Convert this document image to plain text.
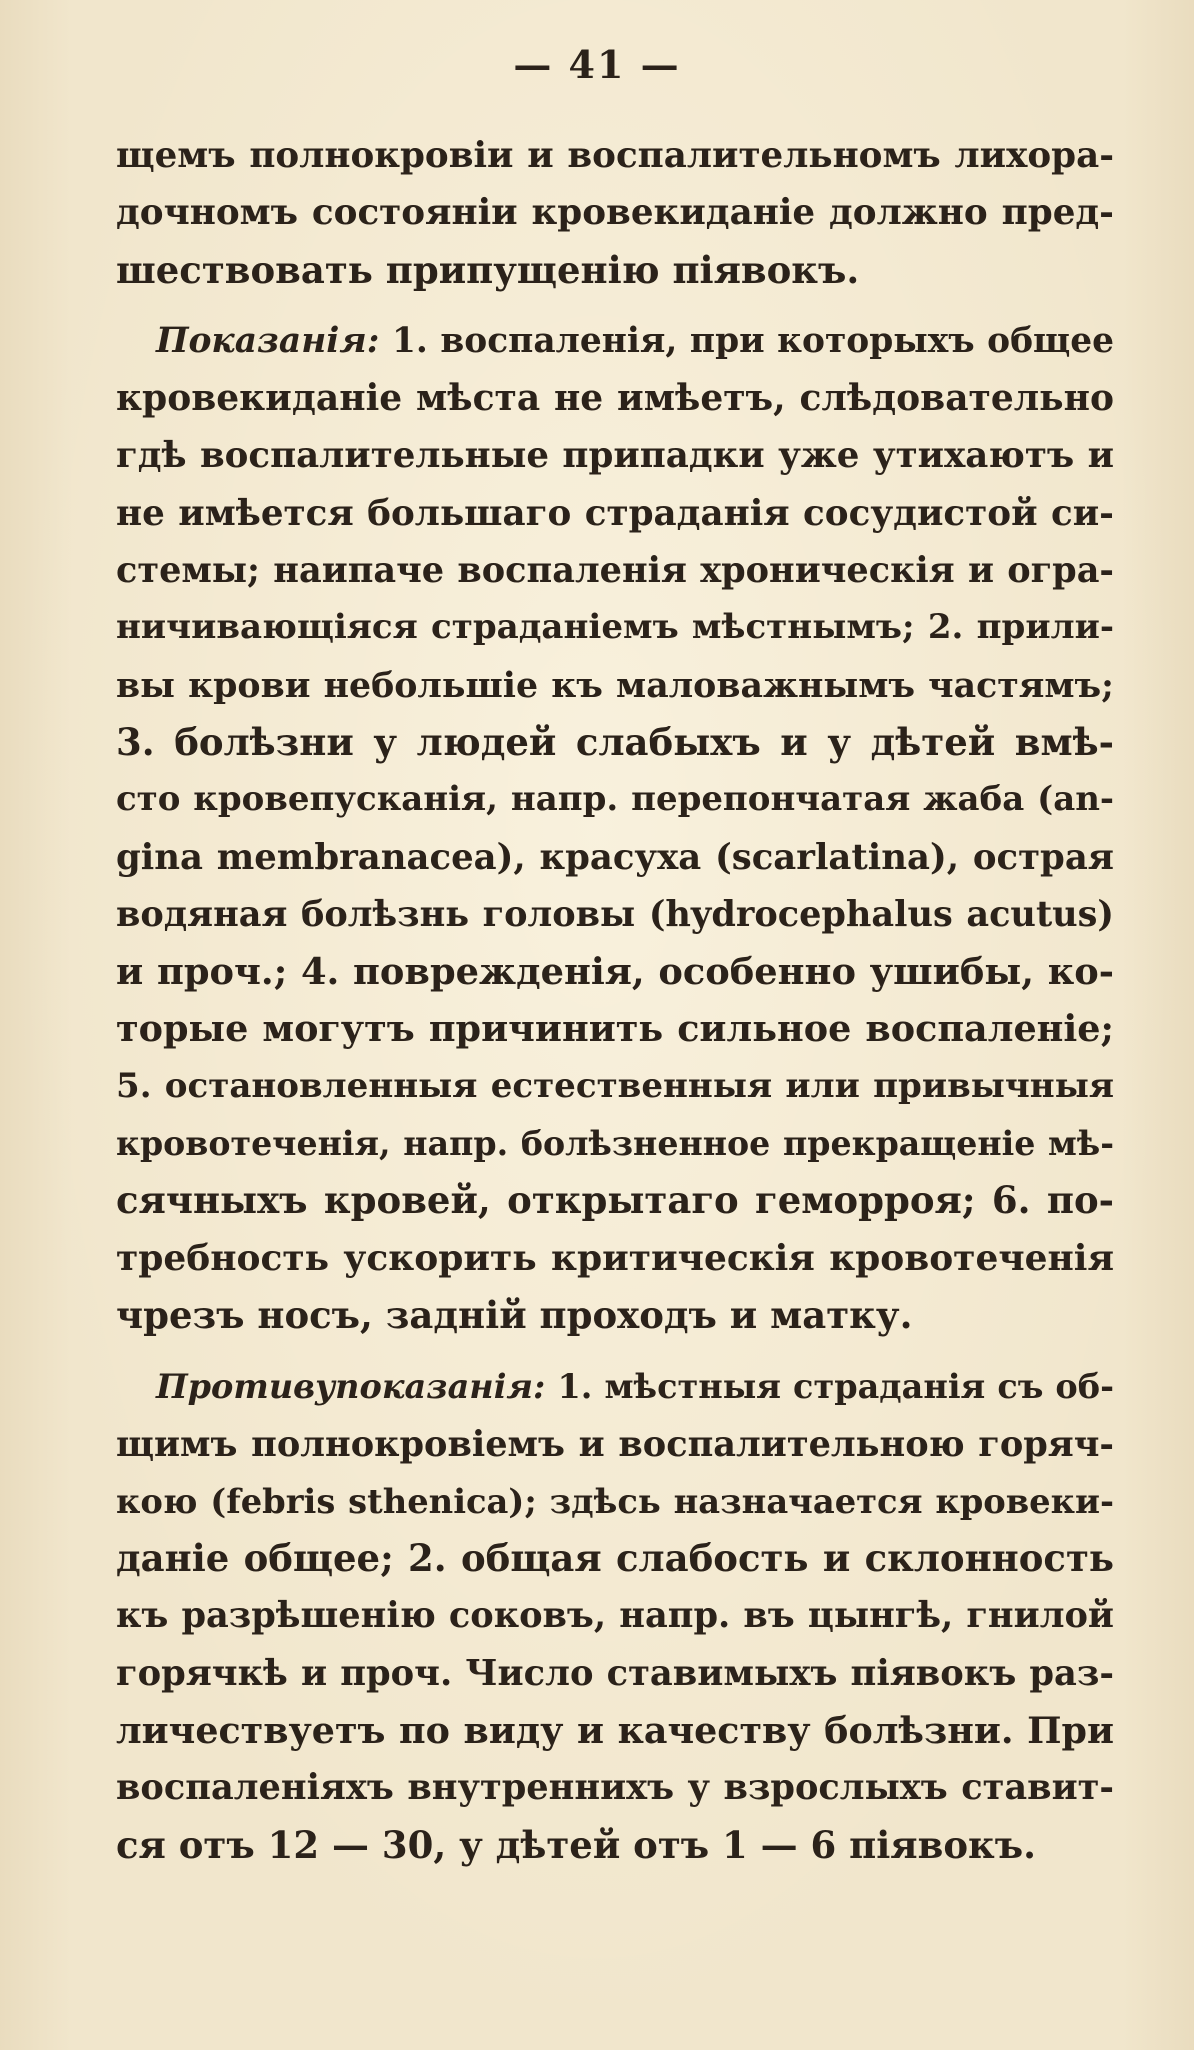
— 41 —
щемъ полнокровіи и воспалительномъ лихора-
дочномъ состояніи кровекиданіе должно пред-
шествовать припущенію піявокъ.
Показанія: 1. воспаленія, при которыхъ общее
кровекиданіе мѣста не имѣетъ, слѣдовательно
гдѣ воспалительные припадки уже утихаютъ и
не имѣется большаго страданія сосудистой си-
стемы; наипаче воспаленія хроническія и огра-
ничивающіяся страданіемъ мѣстнымъ; 2. прили-
вы крови небольшіе къ маловажнымъ частямъ;
3. болѣзни у людей слабыхъ и у дѣтей вмѣ-
сто кровепусканія, напр. перепончатая жаба (an-
gina membranacea), красуха (scarlatina), острая
водяная болѣзнь головы (hydrocephalus acutus)
и проч.; 4. поврежденія, особенно ушибы, ко-
торые могутъ причинить сильное воспаленіе;
5. остановленныя естественныя или привычныя
кровотеченія, напр. болѣзненное прекращеніе мѣ-
сячныхъ кровей, открытаго геморроя; 6. по-
требность ускорить критическія кровотеченія
чрезъ носъ, задній проходъ и матку.
Противупоказанія: 1. мѣстныя страданія съ об-
щимъ полнокровіемъ и воспалительною горяч-
кою (febris sthenica); здѣсь назначается кровеки-
даніе общее; 2. общая слабость и склонность
къ разрѣшенію соковъ, напр. въ цынгѣ, гнилой
горячкѣ и проч. Число ставимыхъ піявокъ раз-
личествуетъ по виду и качеству болѣзни. При
воспаленіяхъ внутреннихъ у взрослыхъ ставит-
ся отъ 12 — 30, у дѣтей отъ 1 — 6 піявокъ.
